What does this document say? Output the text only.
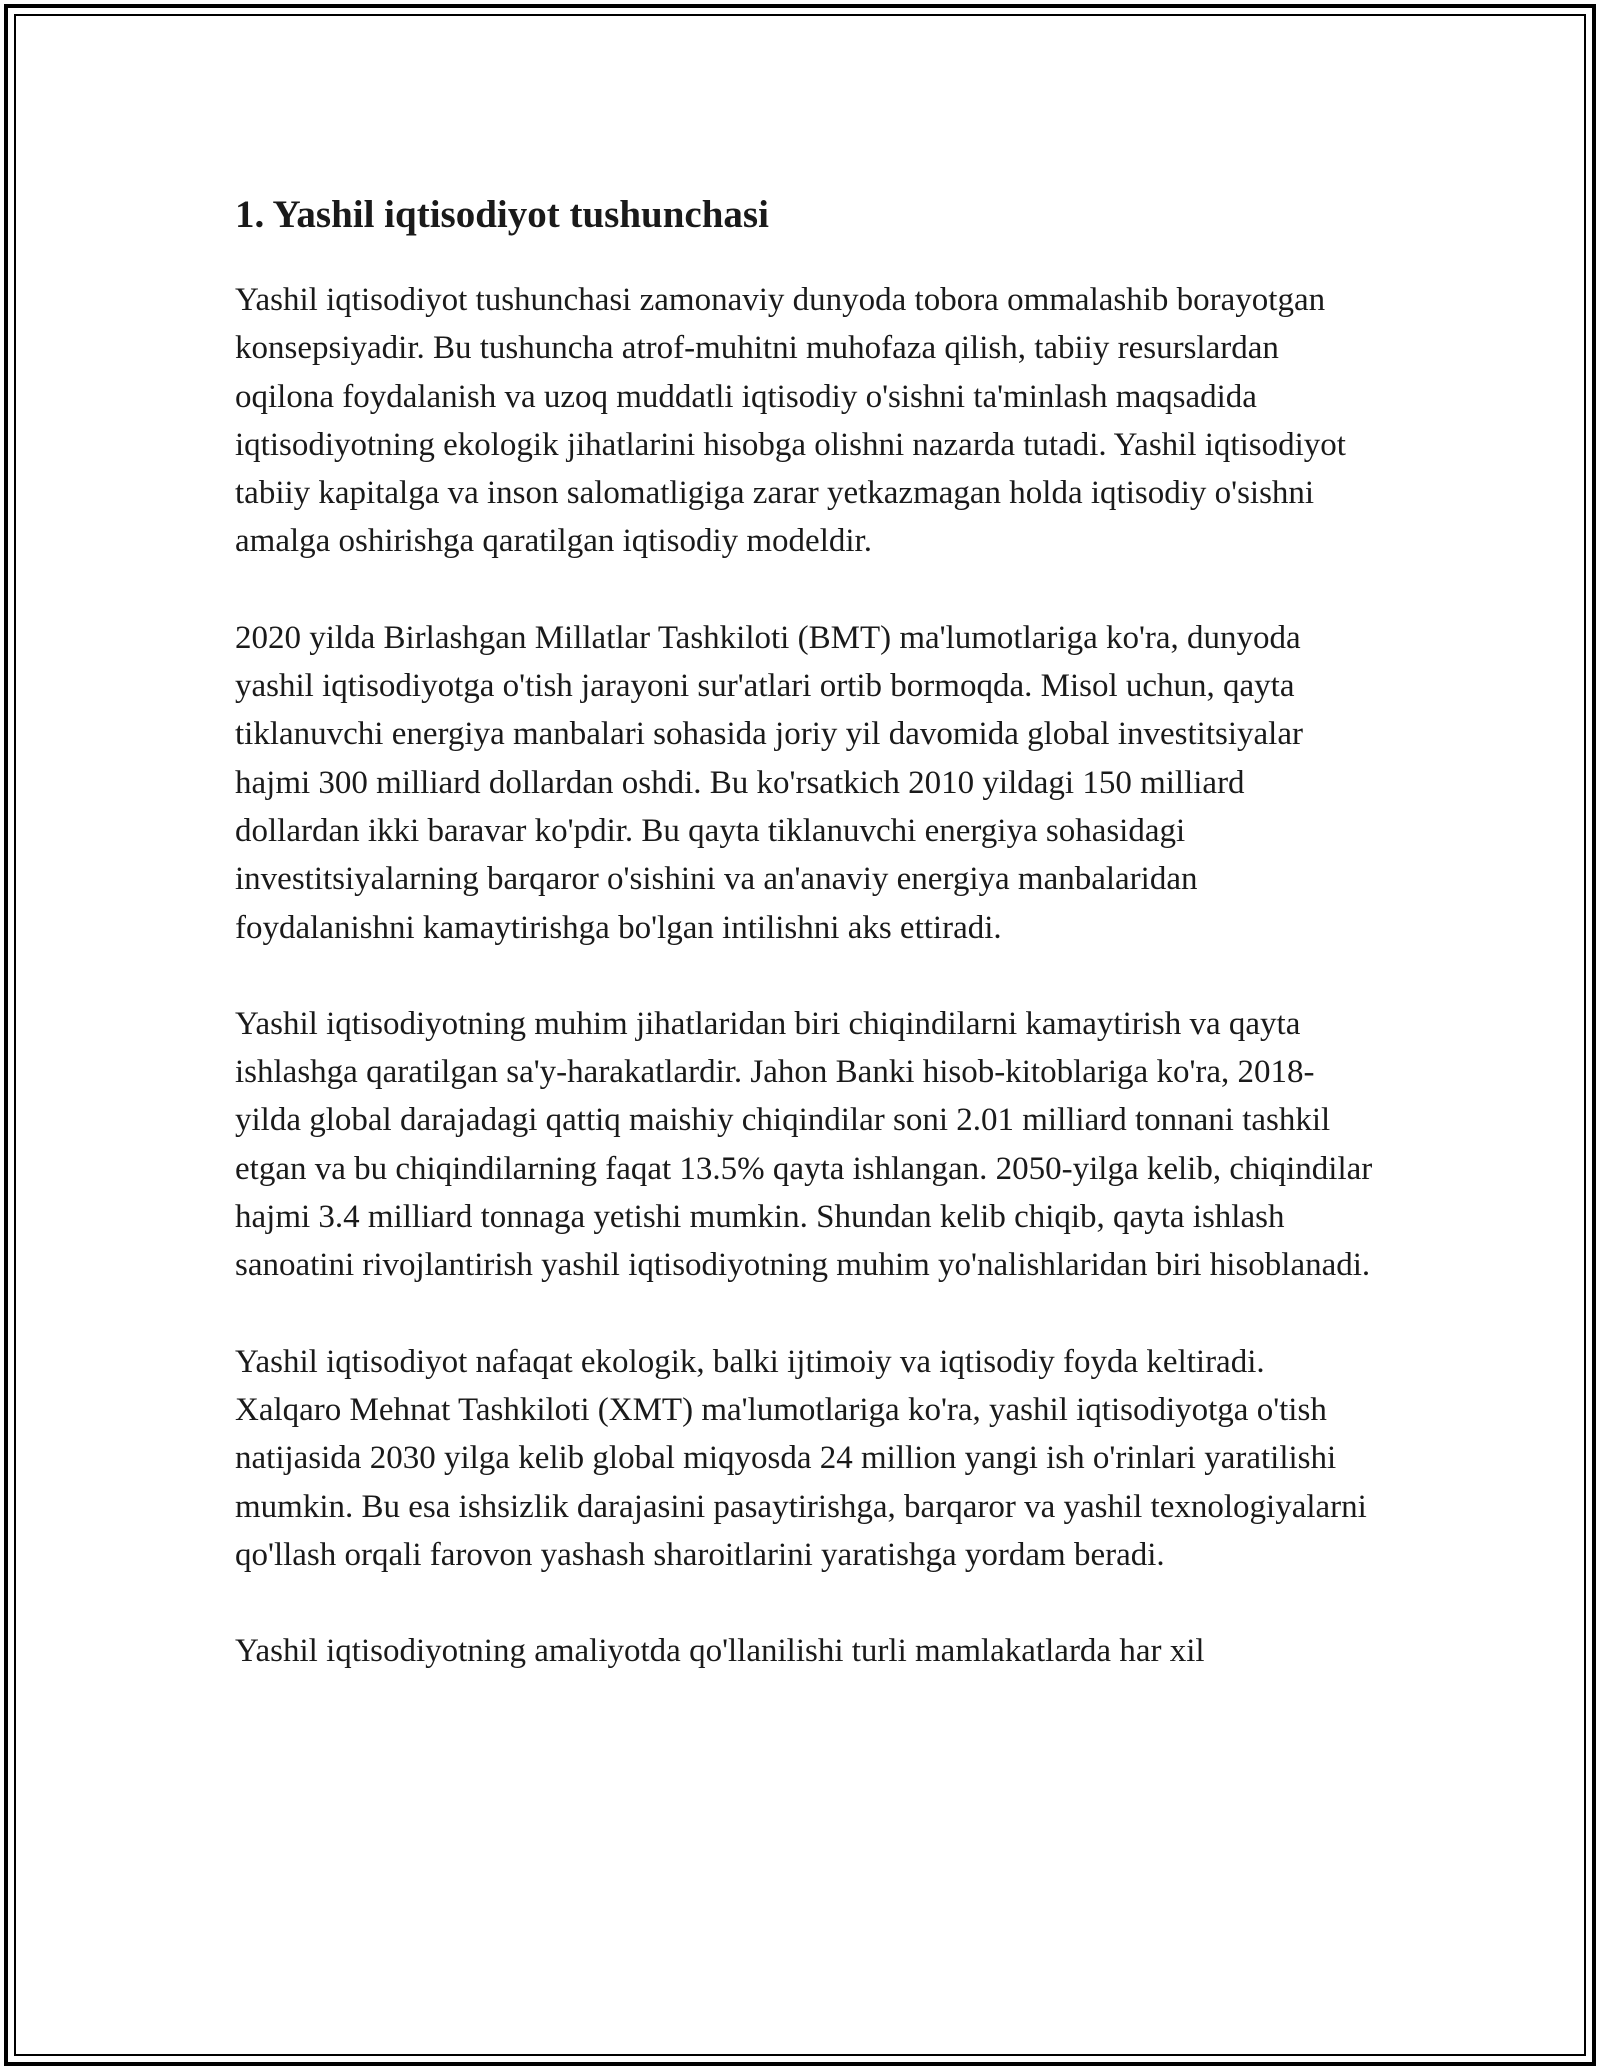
1. Yashil iqtisodiyot tushunchasi

Yashil iqtisodiyot tushunchasi zamonaviy dunyoda tobora ommalashib borayotgan konsepsiyadir. Bu tushuncha atrof-muhitni muhofaza qilish, tabiiy resurslardan oqilona foydalanish va uzoq muddatli iqtisodiy o'sishni ta'minlash maqsadida iqtisodiyotning ekologik jihatlarini hisobga olishni nazarda tutadi. Yashil iqtisodiyot tabiiy kapitalga va inson salomatligiga zarar yetkazmagan holda iqtisodiy o'sishni amalga oshirishga qaratilgan iqtisodiy modeldir.

2020 yilda Birlashgan Millatlar Tashkiloti (BMT) ma'lumotlariga ko'ra, dunyoda yashil iqtisodiyotga o'tish jarayoni sur'atlari ortib bormoqda. Misol uchun, qayta tiklanuvchi energiya manbalari sohasida joriy yil davomida global investitsiyalar hajmi 300 milliard dollardan oshdi. Bu ko'rsatkich 2010 yildagi 150 milliard dollardan ikki baravar ko'pdir. Bu qayta tiklanuvchi energiya sohasidagi investitsiyalarning barqaror o'sishini va an'anaviy energiya manbalaridan foydalanishni kamaytirishga bo'lgan intilishni aks ettiradi.

Yashil iqtisodiyotning muhim jihatlaridan biri chiqindilarni kamaytirish va qayta ishlashga qaratilgan sa'y-harakatlardir. Jahon Banki hisob-kitoblariga ko'ra, 2018-yilda global darajadagi qattiq maishiy chiqindilar soni 2.01 milliard tonnani tashkil etgan va bu chiqindilarning faqat 13.5% qayta ishlangan. 2050-yilga kelib, chiqindilar hajmi 3.4 milliard tonnaga yetishi mumkin. Shundan kelib chiqib, qayta ishlash sanoatini rivojlantirish yashil iqtisodiyotning muhim yo'nalishlaridan biri hisoblanadi.

Yashil iqtisodiyot nafaqat ekologik, balki ijtimoiy va iqtisodiy foyda keltiradi. Xalqaro Mehnat Tashkiloti (XMT) ma'lumotlariga ko'ra, yashil iqtisodiyotga o'tish natijasida 2030 yilga kelib global miqyosda 24 million yangi ish o'rinlari yaratilishi mumkin. Bu esa ishsizlik darajasini pasaytirishga, barqaror va yashil texnologiyalarni qo'llash orqali farovon yashash sharoitlarini yaratishga yordam beradi.

Yashil iqtisodiyotning amaliyotda qo'llanilishi turli mamlakatlarda har xil
